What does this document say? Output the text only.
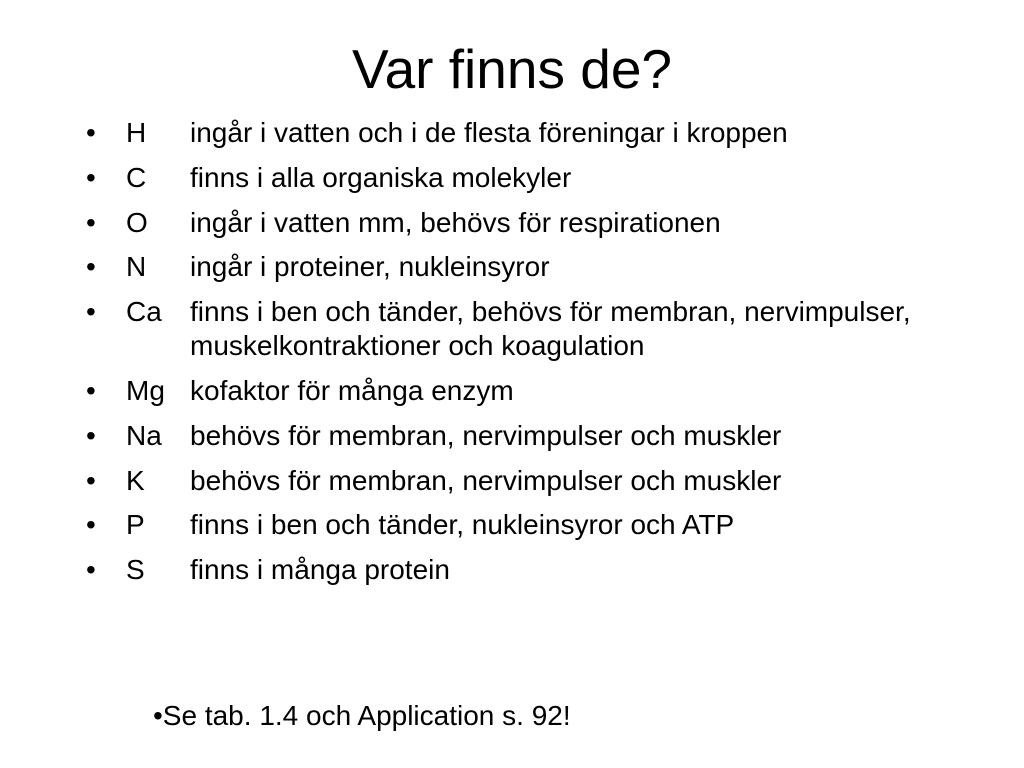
Var finns de?
•	H	ingår i vatten och i de flesta föreningar i kroppen
•	C	finns i alla organiska molekyler
•	O	ingår i vatten mm, behövs för respirationen
•	N	ingår i proteiner, nukleinsyror
•	Ca	finns i ben och tänder, behövs för membran, nervimpulser, muskelkontraktioner och koagulation
•	Mg kofaktor för många enzym
•	Na	behövs för membran, nervimpulser och muskler
•	K	behövs för membran, nervimpulser och muskler
•	P	finns i ben och tänder, nukleinsyror och ATP
•	S	finns i många protein

•Se tab. 1.4 och Application s. 92!
